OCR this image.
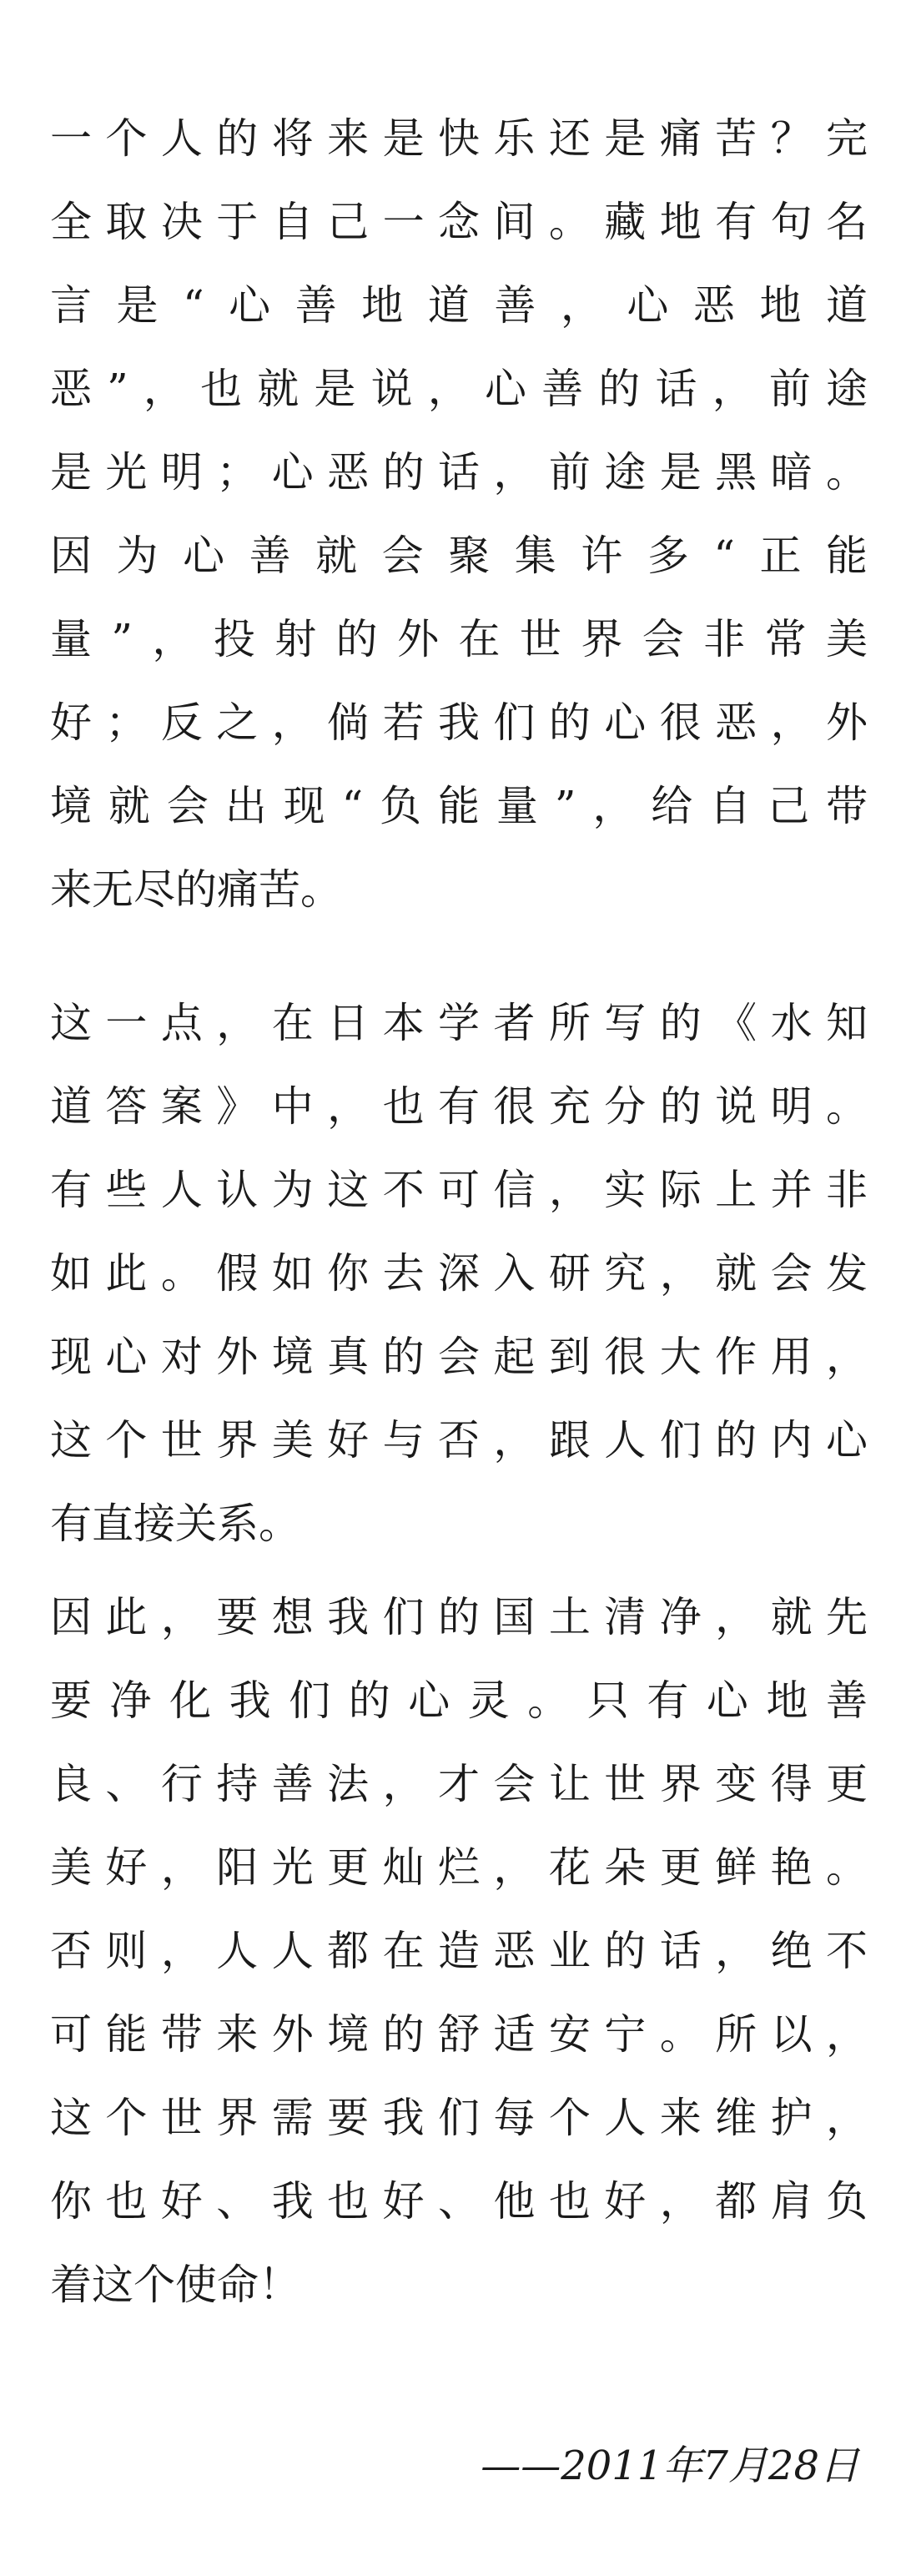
一个人的将来是快乐还是痛苦？完
全取决于自己一念间。藏地有句名
言是“心善地道善，心恶地道
恶”，也就是说，心善的话，前途
是光明；心恶的话，前途是黑暗。
因为心善就会聚集许多“正能
量”，投射的外在世界会非常美
好；反之，倘若我们的心很恶，外
境就会出现“负能量”，给自己带
来无尽的痛苦。
这一点，在日本学者所写的《水知
道答案》中，也有很充分的说明。
有些人认为这不可信，实际上并非
如此。假如你去深入研究，就会发
现心对外境真的会起到很大作用，
这个世界美好与否，跟人们的内心
有直接关系。
因此，要想我们的国土清净，就先
要净化我们的心灵。只有心地善
良、行持善法，才会让世界变得更
美好，阳光更灿烂，花朵更鲜艳。
否则，人人都在造恶业的话，绝不
可能带来外境的舒适安宁。所以，
这个世界需要我们每个人来维护，
你也好、我也好、他也好，都肩负
着这个使命！
——2011年7月28日
